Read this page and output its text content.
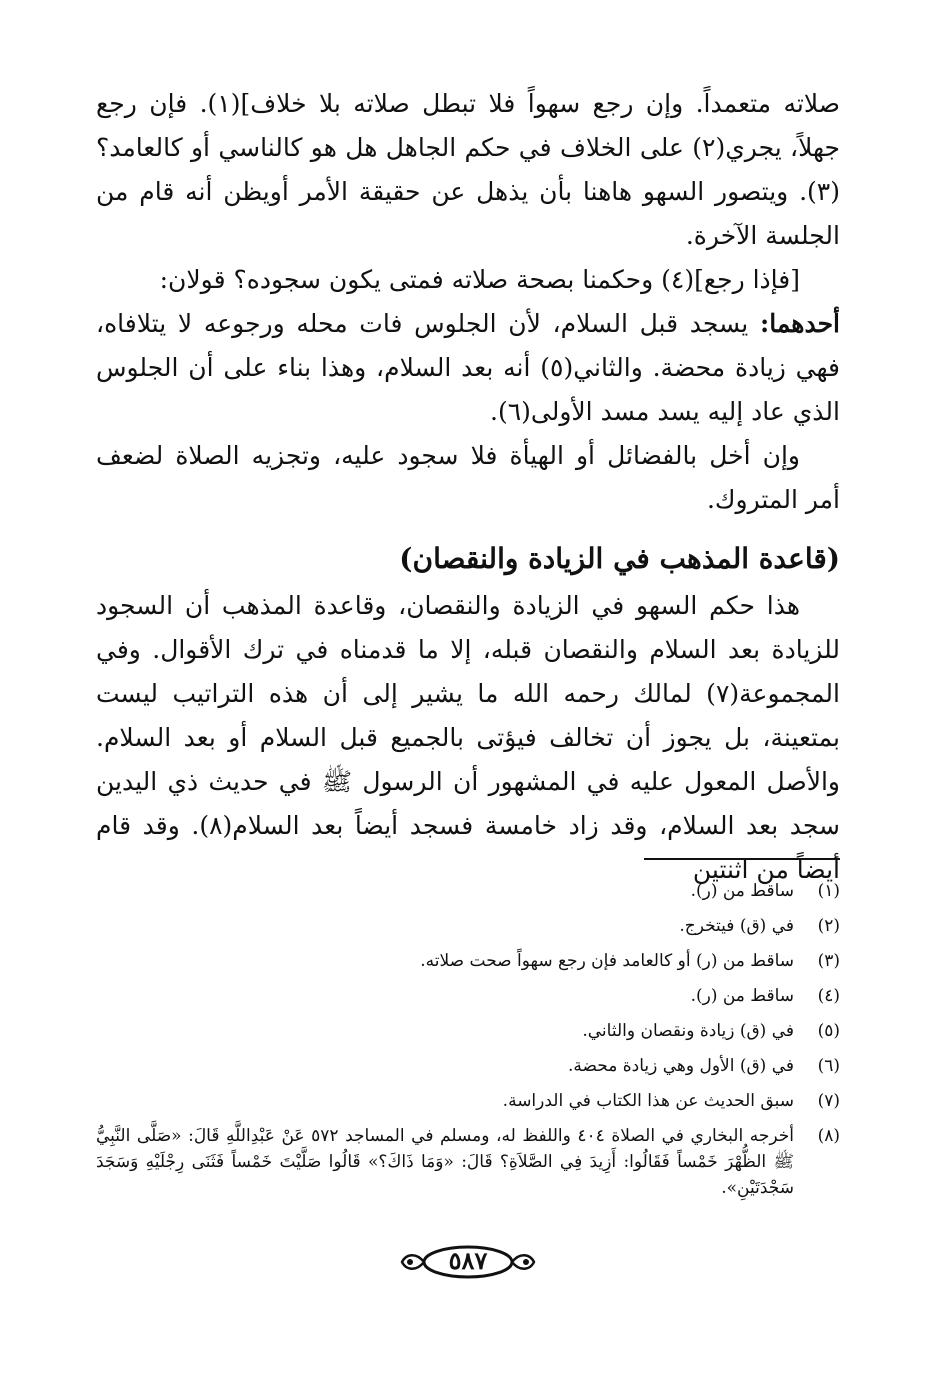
صلاته متعمداً. وإن رجع سهواً فلا تبطل صلاته بلا خلاف](١). فإن رجع جهلاً، يجري(٢) على الخلاف في حكم الجاهل هل هو كالناسي أو كالعامد؟(٣). ويتصور السهو هاهنا بأن يذهل عن حقيقة الأمر أويظن أنه قام من الجلسة الآخرة.

[فإذا رجع](٤) وحكمنا بصحة صلاته فمتى يكون سجوده؟ قولان:

أحدهما: يسجد قبل السلام، لأن الجلوس فات محله ورجوعه لا يتلافاه، فهي زيادة محضة. والثاني(٥) أنه بعد السلام، وهذا بناء على أن الجلوس الذي عاد إليه يسد مسد الأولى(٦).

وإن أخل بالفضائل أو الهيأة فلا سجود عليه، وتجزيه الصلاة لضعف أمر المتروك.

(قاعدة المذهب في الزيادة والنقصان)

هذا حكم السهو في الزيادة والنقصان، وقاعدة المذهب أن السجود للزيادة بعد السلام والنقصان قبله، إلا ما قدمناه في ترك الأقوال. وفي المجموعة(٧) لمالك رحمه الله ما يشير إلى أن هذه التراتيب ليست بمتعينة، بل يجوز أن تخالف فيؤتى بالجميع قبل السلام أو بعد السلام. والأصل المعول عليه في المشهور أن الرسول ﷺ في حديث ذي اليدين سجد بعد السلام، وقد زاد خامسة فسجد أيضاً بعد السلام(٨). وقد قام أيضاً من اثنتين

(١)
ساقط من (ر).
(٢)
في (ق) فيتخرج.
(٣)
ساقط من (ر) أو كالعامد فإن رجع سهواً صحت صلاته.
(٤)
ساقط من (ر).
(٥)
في (ق) زيادة ونقصان والثاني.
(٦)
في (ق) الأول وهي زيادة محضة.
(٧)
سبق الحديث عن هذا الكتاب في الدراسة.
(٨)
أخرجه البخاري في الصلاة ٤٠٤ واللفظ له، ومسلم في المساجد ٥٧٢ عَنْ عَبْدِاللَّهِ قَالَ: «صَلَّى النَّبِيُّ ﷺ الظُّهْرَ خَمْساً فَقَالُوا: أَزِيدَ فِي الصَّلاَةِ؟ قَالَ: «وَمَا ذَاكَ؟» قَالُوا صَلَّيْتَ خَمْساً فَثَنَى رِجْلَيْهِ وَسَجَدَ سَجْدَتَيْنِ».
٥٨٧
